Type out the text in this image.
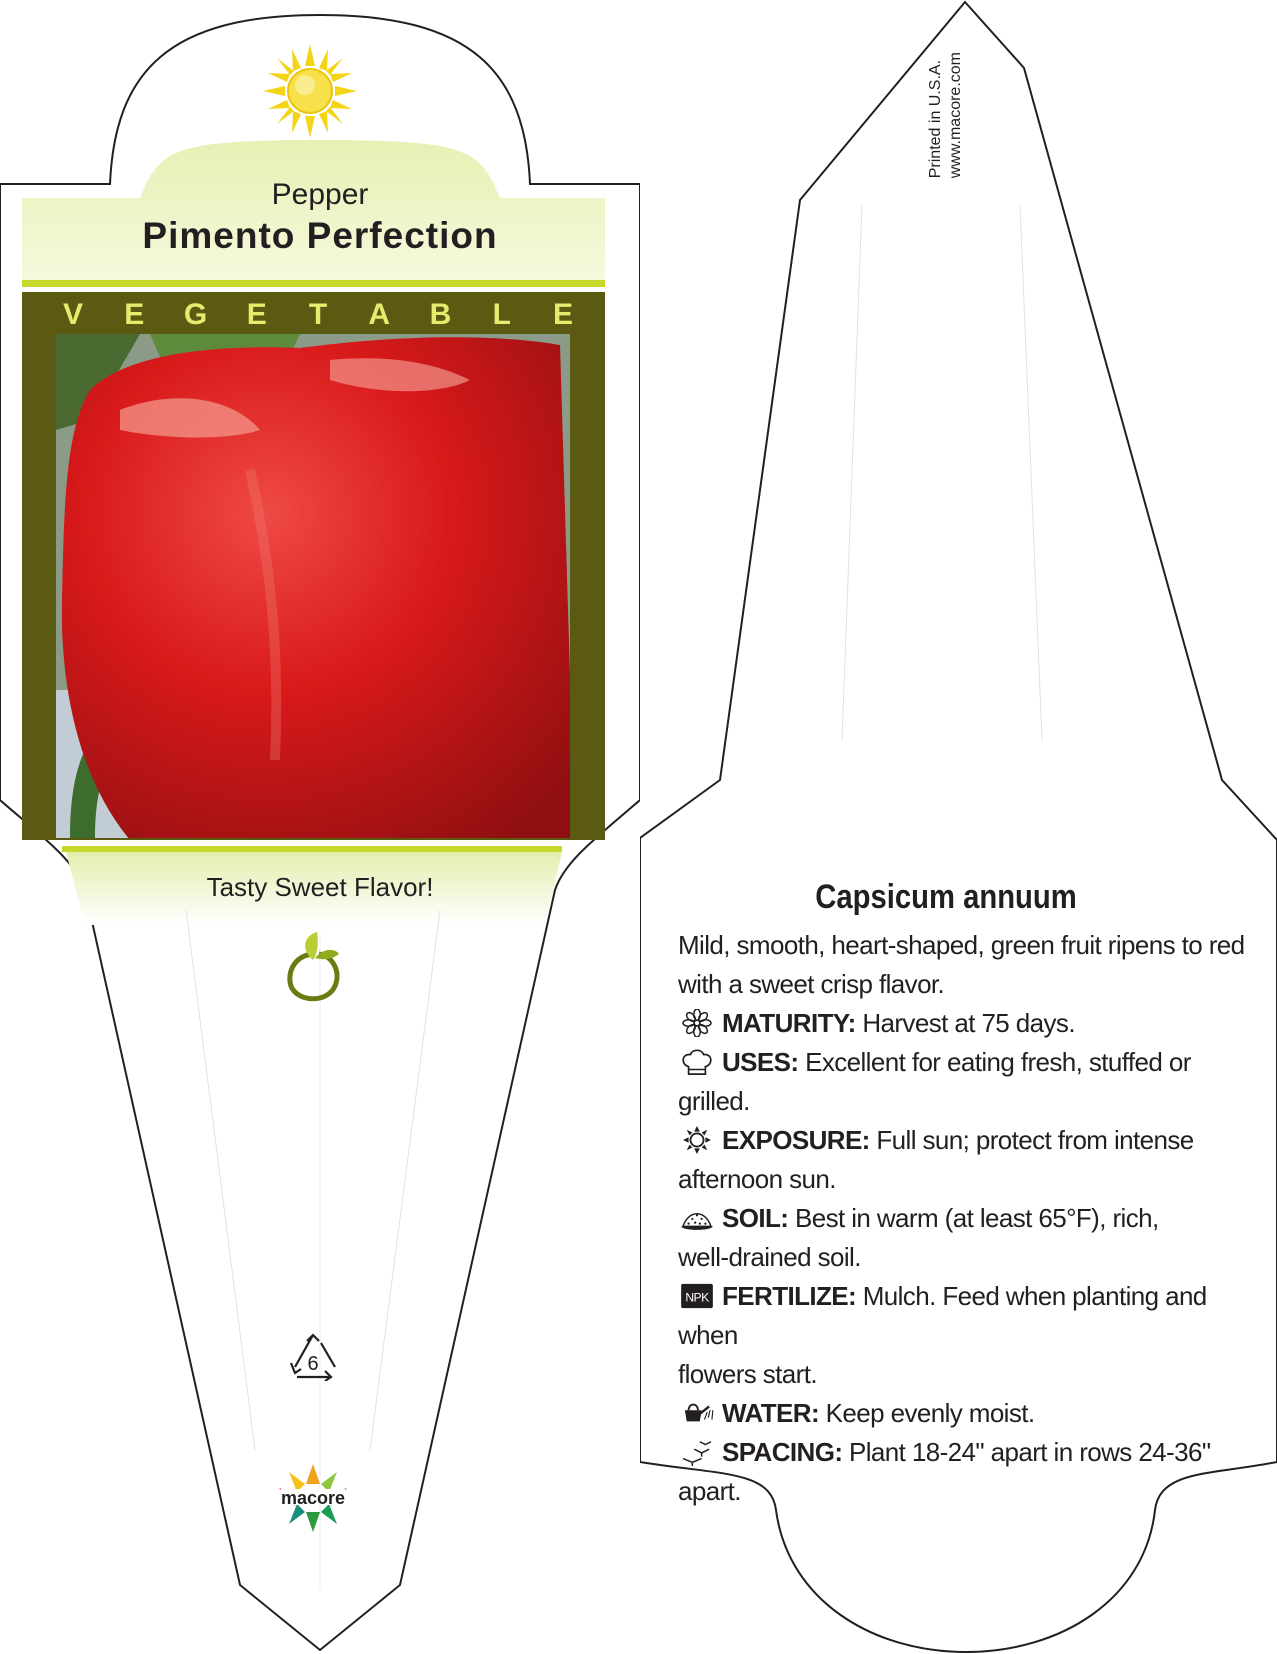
Pepper
Pimento Perfection
V E G E T A B L E
Tasty Sweet Flavor!
6
macore
Printed in U.S.A. www.macore.com
Capsicum annuum
Mild, smooth, heart-shaped, green fruit ripens to red
with a sweet crisp flavor.
MATURITY: Harvest at 75 days.
USES: Excellent for eating fresh, stuffed or grilled.
EXPOSURE: Full sun; protect from intense
afternoon sun.
SOIL: Best in warm (at least 65°F), rich,
well-drained soil.
NPK FERTILIZE: Mulch. Feed when planting and when
flowers start.
WATER: Keep evenly moist.
SPACING: Plant 18-24" apart in rows 24-36"
apart.
